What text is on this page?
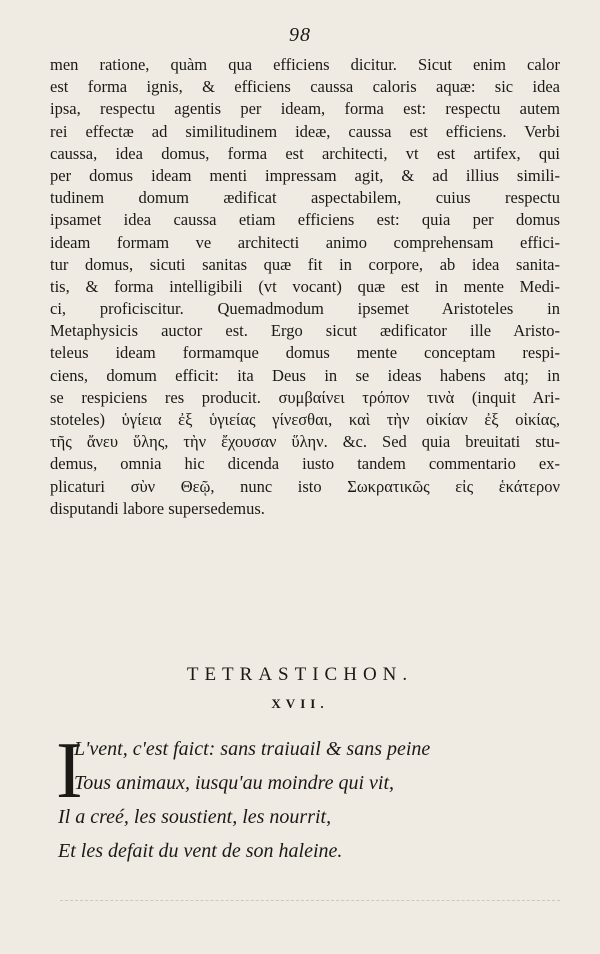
98
men ratione, quàm qua efficiens dicitur. Sicut enim calor
est forma ignis, & efficiens caussa caloris aquæ: sic idea
ipsa, respectu agentis per ideam, forma est: respectu autem
rei effectæ ad similitudinem ideæ, caussa est efficiens. Verbi
caussa, idea domus, forma est architecti, vt est artifex, qui
per domus ideam menti impressam agit, & ad illius simili-
tudinem domum ædificat aspectabilem, cuius respectu
ipsamet idea caussa etiam efficiens est: quia per domus
ideam formam ve architecti animo comprehensam effici-
tur domus, sicuti sanitas quæ fit in corpore, ab idea sanita-
tis, & forma intelligibili (vt vocant) quæ est in mente Medi-
ci, proficiscitur. Quemadmodum ipsemet Aristoteles in
Metaphysicis auctor est. Ergo sicut ædificator ille Aristo-
teleus ideam formamque domus mente conceptam respi-
ciens, domum efficit: ita Deus in se ideas habens atq; in
se respiciens res producit. συμβαίνει τρόπον τινὰ (inquit Ari-
stoteles) ὑγίεια ἐξ ὑγιείας γίνεσθαι, καὶ τὴν οἰκίαν ἐξ οἰκίας,
τῆς ἄνευ ὕλης, τὴν ἔχουσαν ὕλην. &c. Sed quia breuitati stu-
demus, omnia hic dicenda iusto tandem commentario ex-
plicaturi σὺν Θεῷ, nunc isto Σωκρατικῶς εἰς ἑκάτερον
disputandi labore supersedemus.
TETRASTICHON.
XVII.
I
L'vent, c'est faict: sans traiuail & sans peine
Tous animaux, iusqu'au moindre qui vit,
Il a creé, les soustient, les nourrit,
Et les defait du vent de son haleine.
